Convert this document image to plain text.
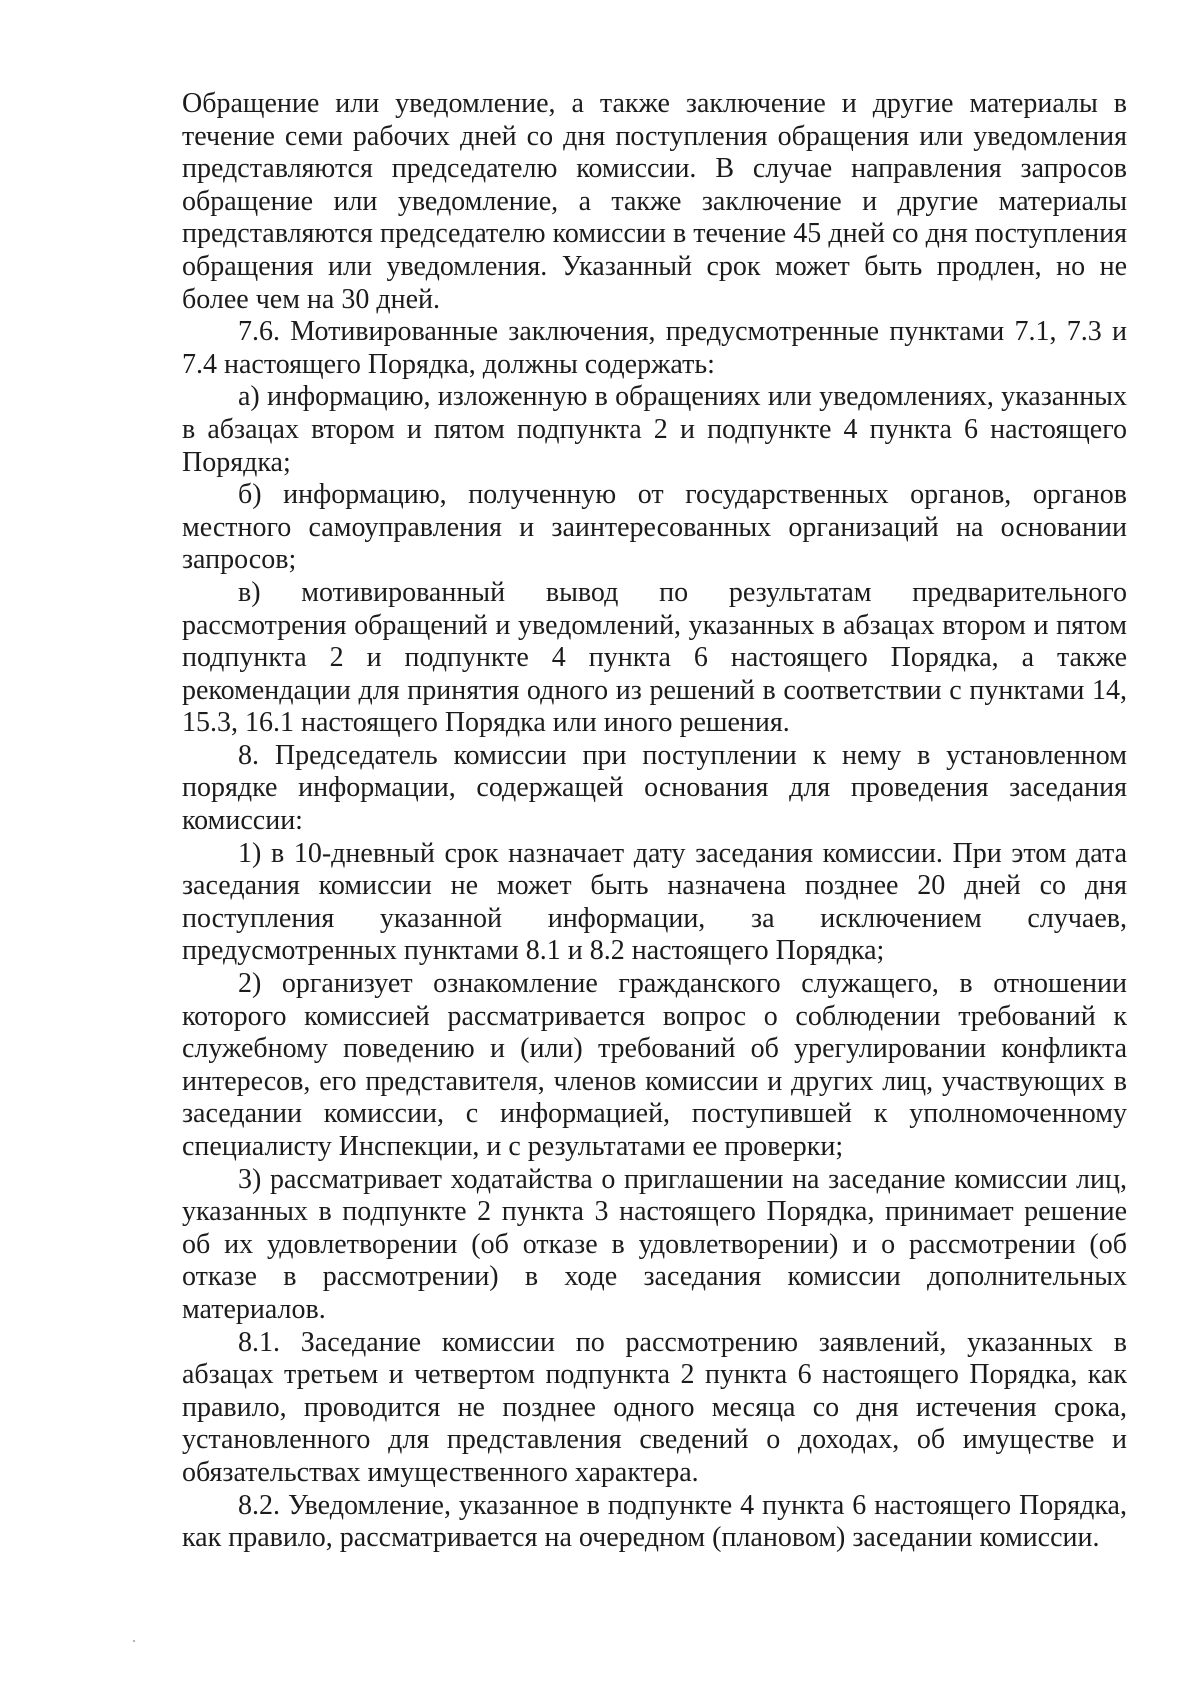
Обращение или уведомление, а также заключение и другие материалы в течение семи рабочих дней со дня поступления обращения или уведомления представляются председателю комиссии. В случае направления запросов обращение или уведомление, а также заключение и другие материалы представляются председателю комиссии в течение 45 дней со дня поступления обращения или уведомления. Указанный срок может быть продлен, но не более чем на 30 дней.

7.6. Мотивированные заключения, предусмотренные пунктами 7.1, 7.3 и 7.4 настоящего Порядка, должны содержать:

а) информацию, изложенную в обращениях или уведомлениях, указанных в абзацах втором и пятом подпункта 2 и подпункте 4 пункта 6 настоящего Порядка;

б) информацию, полученную от государственных органов, органов местного самоуправления и заинтересованных организаций на основании запросов;

в) мотивированный вывод по результатам предварительного рассмотрения обращений и уведомлений, указанных в абзацах втором и пятом подпункта 2 и подпункте 4 пункта 6 настоящего Порядка, а также рекомендации для принятия одного из решений в соответствии с пунктами 14, 15.3, 16.1 настоящего Порядка или иного решения.

8. Председатель комиссии при поступлении к нему в установленном порядке информации, содержащей основания для проведения заседания комиссии:

1) в 10-дневный срок назначает дату заседания комиссии. При этом дата заседания комиссии не может быть назначена позднее 20 дней со дня поступления указанной информации, за исключением случаев, предусмотренных пунктами 8.1 и 8.2 настоящего Порядка;

2) организует ознакомление гражданского служащего, в отношении которого комиссией рассматривается вопрос о соблюдении требований к служебному поведению и (или) требований об урегулировании конфликта интересов, его представителя, членов комиссии и других лиц, участвующих в заседании комиссии, с информацией, поступившей к уполномоченному специалисту Инспекции, и с результатами ее проверки;

3) рассматривает ходатайства о приглашении на заседание комиссии лиц, указанных в подпункте 2 пункта 3 настоящего Порядка, принимает решение об их удовлетворении (об отказе в удовлетворении) и о рассмотрении (об отказе в рассмотрении) в ходе заседания комиссии дополнительных материалов.

8.1. Заседание комиссии по рассмотрению заявлений, указанных в абзацах третьем и четвертом подпункта 2 пункта 6 настоящего Порядка, как правило, проводится не позднее одного месяца со дня истечения срока, установленного для представления сведений о доходах, об имуществе и обязательствах имущественного характера.

8.2. Уведомление, указанное в подпункте 4 пункта 6 настоящего Порядка, как правило, рассматривается на очередном (плановом) заседании комиссии.
